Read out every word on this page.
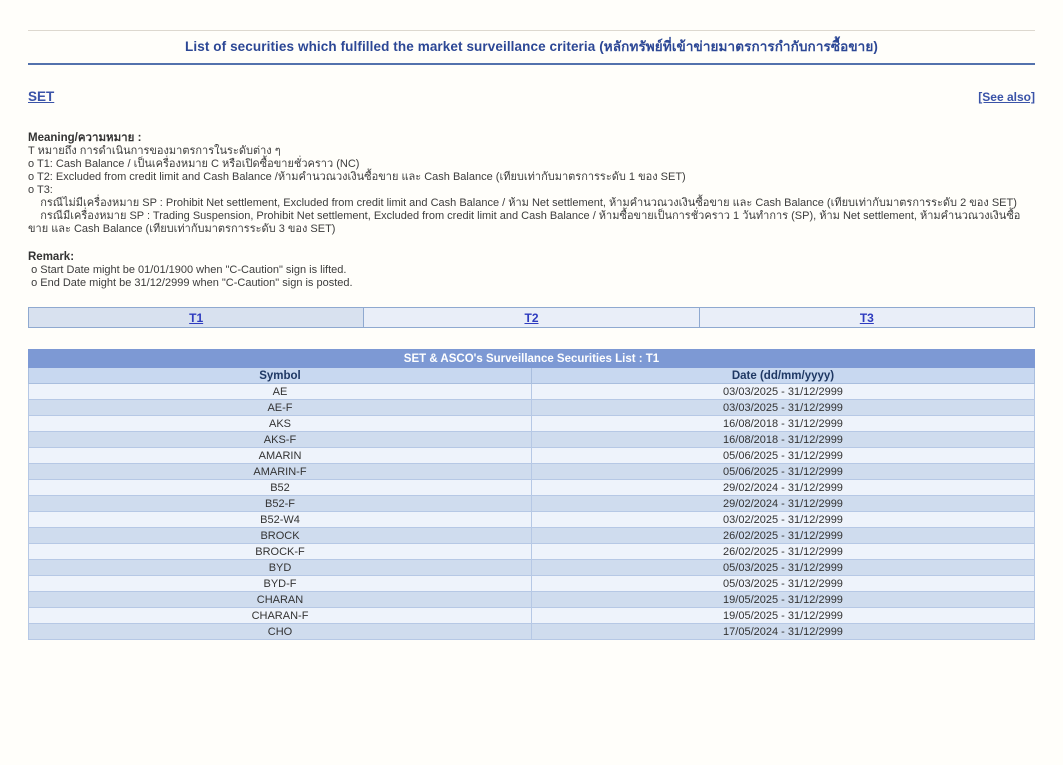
List of securities which fulfilled the market surveillance criteria (หลักทรัพย์ที่เข้าข่ายมาตรการกำกับการซื้อขาย)
SET	[See also]
Meaning/ความหมาย :
T หมายถึง การดำเนินการของมาตรการในระดับต่าง ๆ
o T1: Cash Balance / เป็นเครื่องหมาย C หรือเปิดซื้อขายชั่วคราว (NC)
o T2: Excluded from credit limit and Cash Balance /ห้ามคำนวณวงเงินซื้อขาย และ Cash Balance (เทียบเท่ากับมาตรการระดับ 1 ของ SET)
o T3:
กรณีไม่มีเครื่องหมาย SP : Prohibit Net settlement, Excluded from credit limit and Cash Balance / ห้าม Net settlement, ห้ามคำนวณวงเงินซื้อขาย และ Cash Balance (เทียบเท่ากับมาตรการระดับ 2 ของ SET)
กรณีมีเครื่องหมาย SP : Trading Suspension, Prohibit Net settlement, Excluded from credit limit and Cash Balance / ห้ามซื้อขายเป็นการชั่วคราว 1 วันทำการ (SP), ห้าม Net settlement, ห้ามคำนวณวงเงินซื้อขาย และ Cash Balance (เทียบเท่ากับมาตรการระดับ 3 ของ SET)
Remark:
o Start Date might be 01/01/1900 when "C-Caution" sign is lifted.
o End Date might be 31/12/2999 when "C-Caution" sign is posted.
T1	T2	T3
SET & ASCO's Surveillance Securities List : T1	
Symbol	Date (dd/mm/yyyy)
AE	03/03/2025 - 31/12/2999
AE-F	03/03/2025 - 31/12/2999
AKS	16/08/2018 - 31/12/2999
AKS-F	16/08/2018 - 31/12/2999
AMARIN	05/06/2025 - 31/12/2999
AMARIN-F	05/06/2025 - 31/12/2999
B52	29/02/2024 - 31/12/2999
B52-F	29/02/2024 - 31/12/2999
B52-W4	03/02/2025 - 31/12/2999
BROCK	26/02/2025 - 31/12/2999
BROCK-F	26/02/2025 - 31/12/2999
BYD	05/03/2025 - 31/12/2999
BYD-F	05/03/2025 - 31/12/2999
CHARAN	19/05/2025 - 31/12/2999
CHARAN-F	19/05/2025 - 31/12/2999
CHO	17/05/2024 - 31/12/2999
